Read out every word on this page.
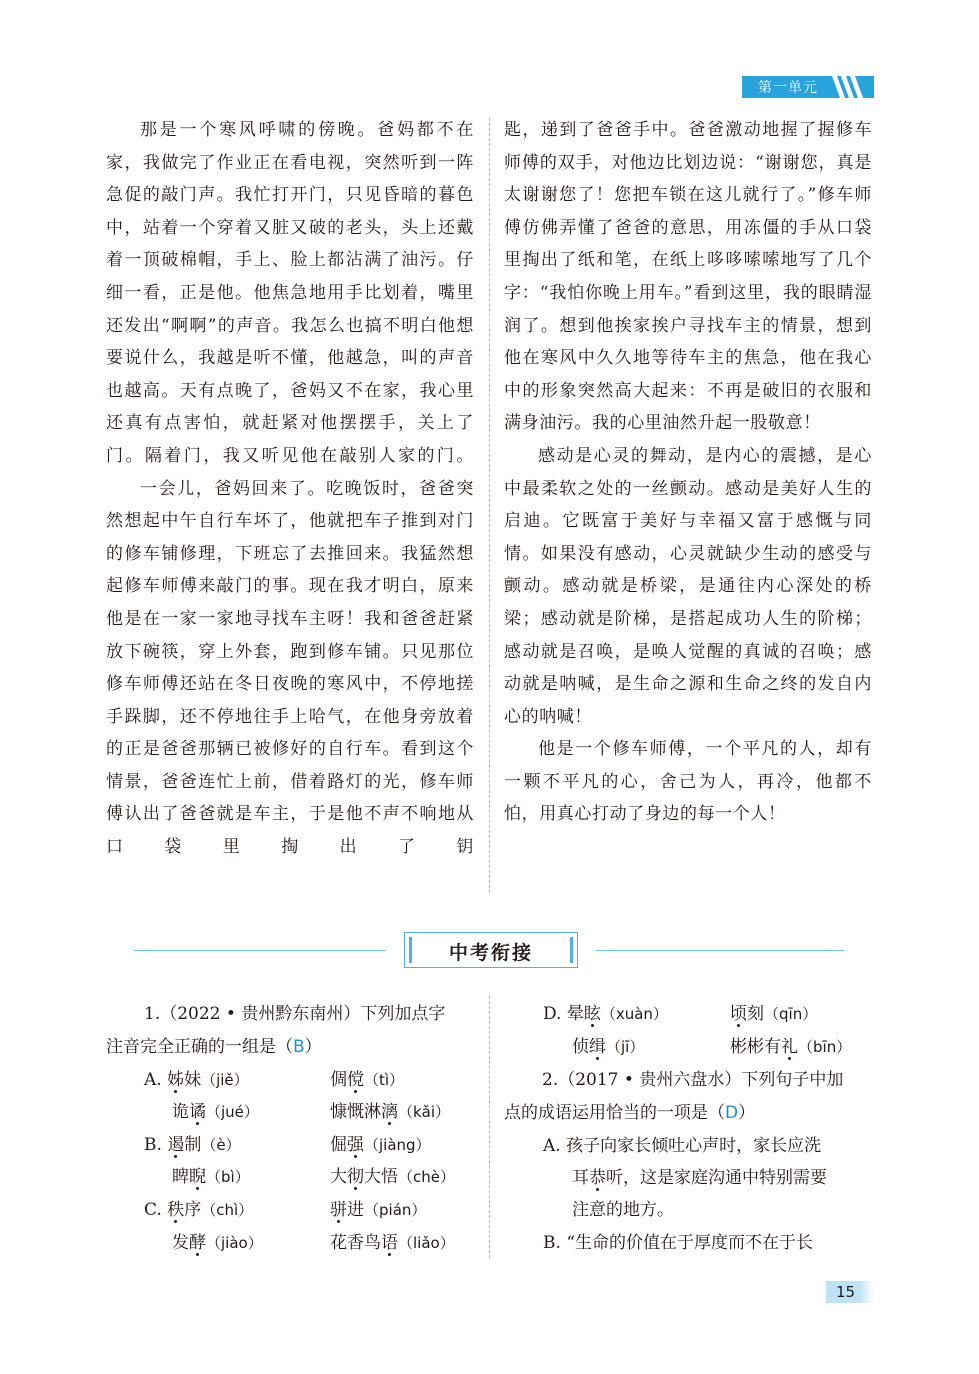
第一单元

那是一个寒风呼啸的傍晚。爸妈都不在家，我做完了作业正在看电视，突然听到一阵急促的敲门声。我忙打开门，只见昏暗的暮色中，站着一个穿着又脏又破的老头，头上还戴着一顶破棉帽，手上、脸上都沾满了油污。仔细一看，正是他。他焦急地用手比划着，嘴里还发出“啊啊”的声音。我怎么也搞不明白他想要说什么，我越是听不懂，他越急，叫的声音也越高。天有点晚了，爸妈又不在家，我心里还真有点害怕，就赶紧对他摆摆手，关上了门。隔着门，我又听见他在敲别人家的门。

一会儿，爸妈回来了。吃晚饭时，爸爸突然想起中午自行车坏了，他就把车子推到对门的修车铺修理，下班忘了去推回来。我猛然想起修车师傅来敲门的事。现在我才明白，原来他是在一家一家地寻找车主呀！我和爸爸赶紧放下碗筷，穿上外套，跑到修车铺。只见那位修车师傅还站在冬日夜晚的寒风中，不停地搓手跺脚，还不停地往手上哈气，在他身旁放着的正是爸爸那辆已被修好的自行车。看到这个情景，爸爸连忙上前，借着路灯的光，修车师傅认出了爸爸就是车主，于是他不声不响地从口袋里掏出了钥

匙，递到了爸爸手中。爸爸激动地握了握修车师傅的双手，对他边比划边说：“谢谢您，真是太谢谢您了！您把车锁在这儿就行了。”修车师傅仿佛弄懂了爸爸的意思，用冻僵的手从口袋里掏出了纸和笔，在纸上哆哆嗦嗦地写了几个字：“我怕你晚上用车。”看到这里，我的眼睛湿润了。想到他挨家挨户寻找车主的情景，想到他在寒风中久久地等待车主的焦急，他在我心中的形象突然高大起来：不再是破旧的衣服和满身油污。我的心里油然升起一股敬意！

感动是心灵的舞动，是内心的震撼，是心中最柔软之处的一丝颤动。感动是美好人生的启迪。它既富于美好与幸福又富于感慨与同情。如果没有感动，心灵就缺少生动的感受与颤动。感动就是桥梁，是通往内心深处的桥梁；感动就是阶梯，是搭起成功人生的阶梯；感动就是召唤，是唤人觉醒的真诚的召唤；感动就是呐喊，是生命之源和生命之终的发自内心的呐喊！

他是一个修车师傅，一个平凡的人，却有一颗不平凡的心，舍己为人，再冷，他都不怕，用真心打动了身边的每一个人！

中考衔接
1.（2022 • 贵州黔东南州）下列加点字
注音完全正确的一组是（B）
A. 姊妹（jiě）	倜傥（tì）
诡谲（jué）	慷慨淋漓（kǎi）
B. 遏制（è）	倔强（jiàng）
睥睨（bì）	大彻大悟（chè）
C. 秩序（chì）	骈进（pián）
发酵（jiào）	花香鸟语（liǎo）
D. 晕眩（xuàn）	顷刻（qīn）
侦缉（jī）	彬彬有礼（bīn）
2.（2017 • 贵州六盘水）下列句子中加
点的成语运用恰当的一项是（D）
A. 孩子向家长倾吐心声时，家长应洗
耳恭听，这是家庭沟通中特别需要
注意的地方。
B. “生命的价值在于厚度而不在于长
15
